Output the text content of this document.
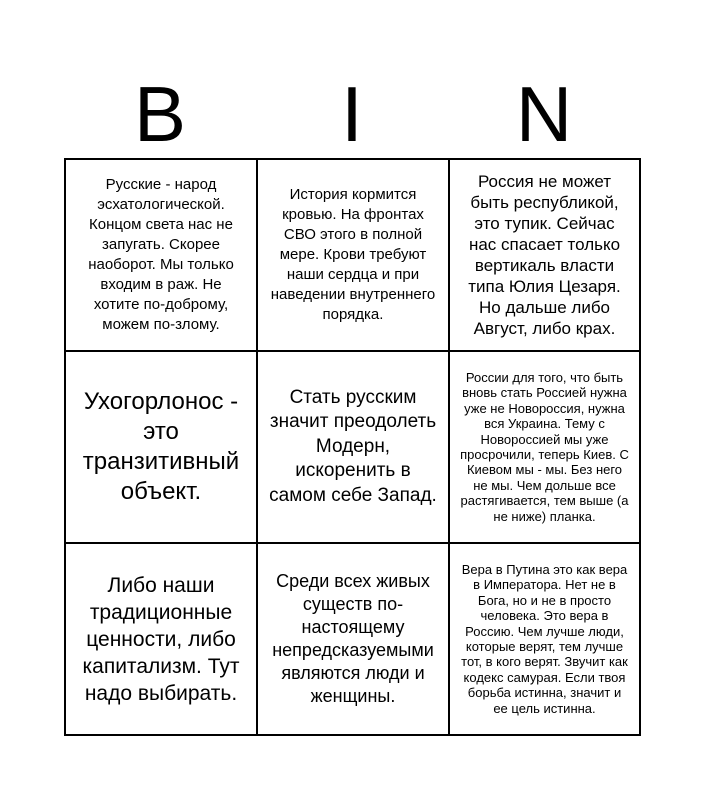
B	I	N
Русские - народ эсхатологической. Концом света нас не запугать. Скорее наоборот. Мы только входим в раж. Не хотите по-доброму, можем по-злому.
История кормится кровью. На фронтах СВО этого в полной мере. Крови требуют наши сердца и при наведении внутреннего порядка.
Россия не может быть республикой, это тупик. Сейчас нас спасает только вертикаль власти типа Юлия Цезаря. Но дальше либо Август, либо крах.
Ухогорлонос - это транзитивный объект.
Стать русским значит преодолеть Модерн, искоренить в самом себе Запад.
России для того, что быть вновь стать Россией нужна уже не Новороссия, нужна вся Украина. Тему с Новороссией мы уже просрочили, теперь Киев. С Киевом мы - мы. Без него не мы. Чем дольше все растягивается, тем выше (а не ниже) планка.
Либо наши традиционные ценности, либо капитализм. Тут надо выбирать.
Среди всех живых существ по-настоящему непредсказуемыми являются люди и женщины.
Вера в Путина это как вера в Императора. Нет не в Бога, но и не в просто человека. Это вера в Россию. Чем лучше люди, которые верят, тем лучше тот, в кого верят. Звучит как кодекс самурая. Если твоя борьба истинна, значит и ее цель истинна.
